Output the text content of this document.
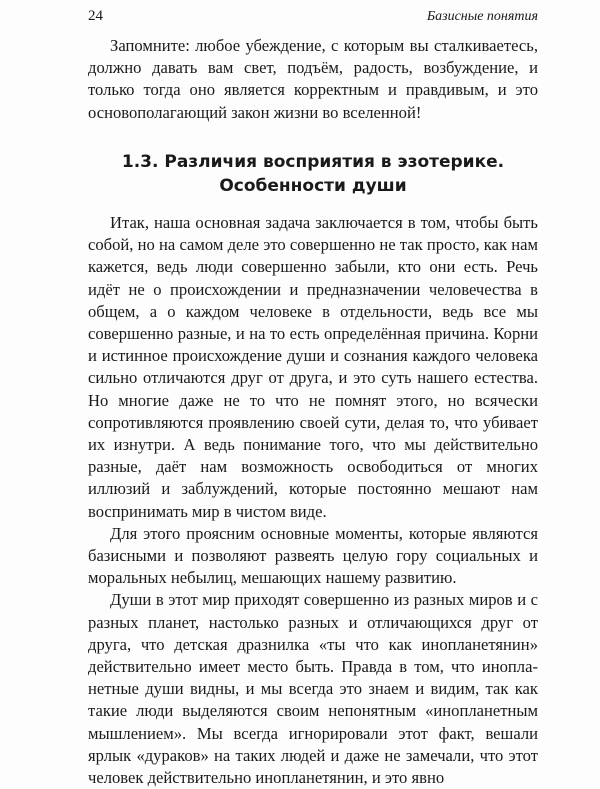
24	Базисные понятия

Запомните: любое убеждение, с которым вы сталкиваетесь, должно давать вам свет, подъём, радость, возбуждение, и только тогда оно является корректным и правдивым, и это основополагающий закон жизни во вселенной!

1.3. Различия восприятия в эзотерике.
Особенности души

Итак, наша основная задача заключается в том, чтобы быть собой, но на самом деле это совершенно не так просто, как нам кажется, ведь люди совершенно забыли, кто они есть. Речь идёт не о происхождении и предназначении человечества в общем, а о каждом человеке в отдельности, ведь все мы совершенно разные, и на то есть определённая причина. Корни и истинное происхождение души и сознания каждого человека сильно отличаются друг от друга, и это суть нашего естества. Но многие даже не то что не помнят этого, но всячески сопротивляются проявлению своей сути, делая то, что убивает их изнутри. А ведь понимание того, что мы действительно разные, даёт нам возможность освободиться от многих иллюзий и заблуждений, которые постоянно мешают нам воспринимать мир в чистом виде.

Для этого проясним основные моменты, которые являются базисными и позволяют развеять целую гору социальных и моральных небылиц, мешающих нашему развитию.

Души в этот мир приходят совершенно из разных миров и с разных планет, настолько разных и отличающихся друг от друга, что детская дразнилка «ты что как инопланетянин» действительно имеет место быть. Правда в том, что инопланетные души видны, и мы всегда это знаем и видим, так как такие люди выделяются своим непонятным «инопланетным мышлением». Мы всегда игнорировали этот факт, вешали ярлык «дураков» на таких людей и даже не замечали, что этот человек действительно инопланетянин, и это явно
